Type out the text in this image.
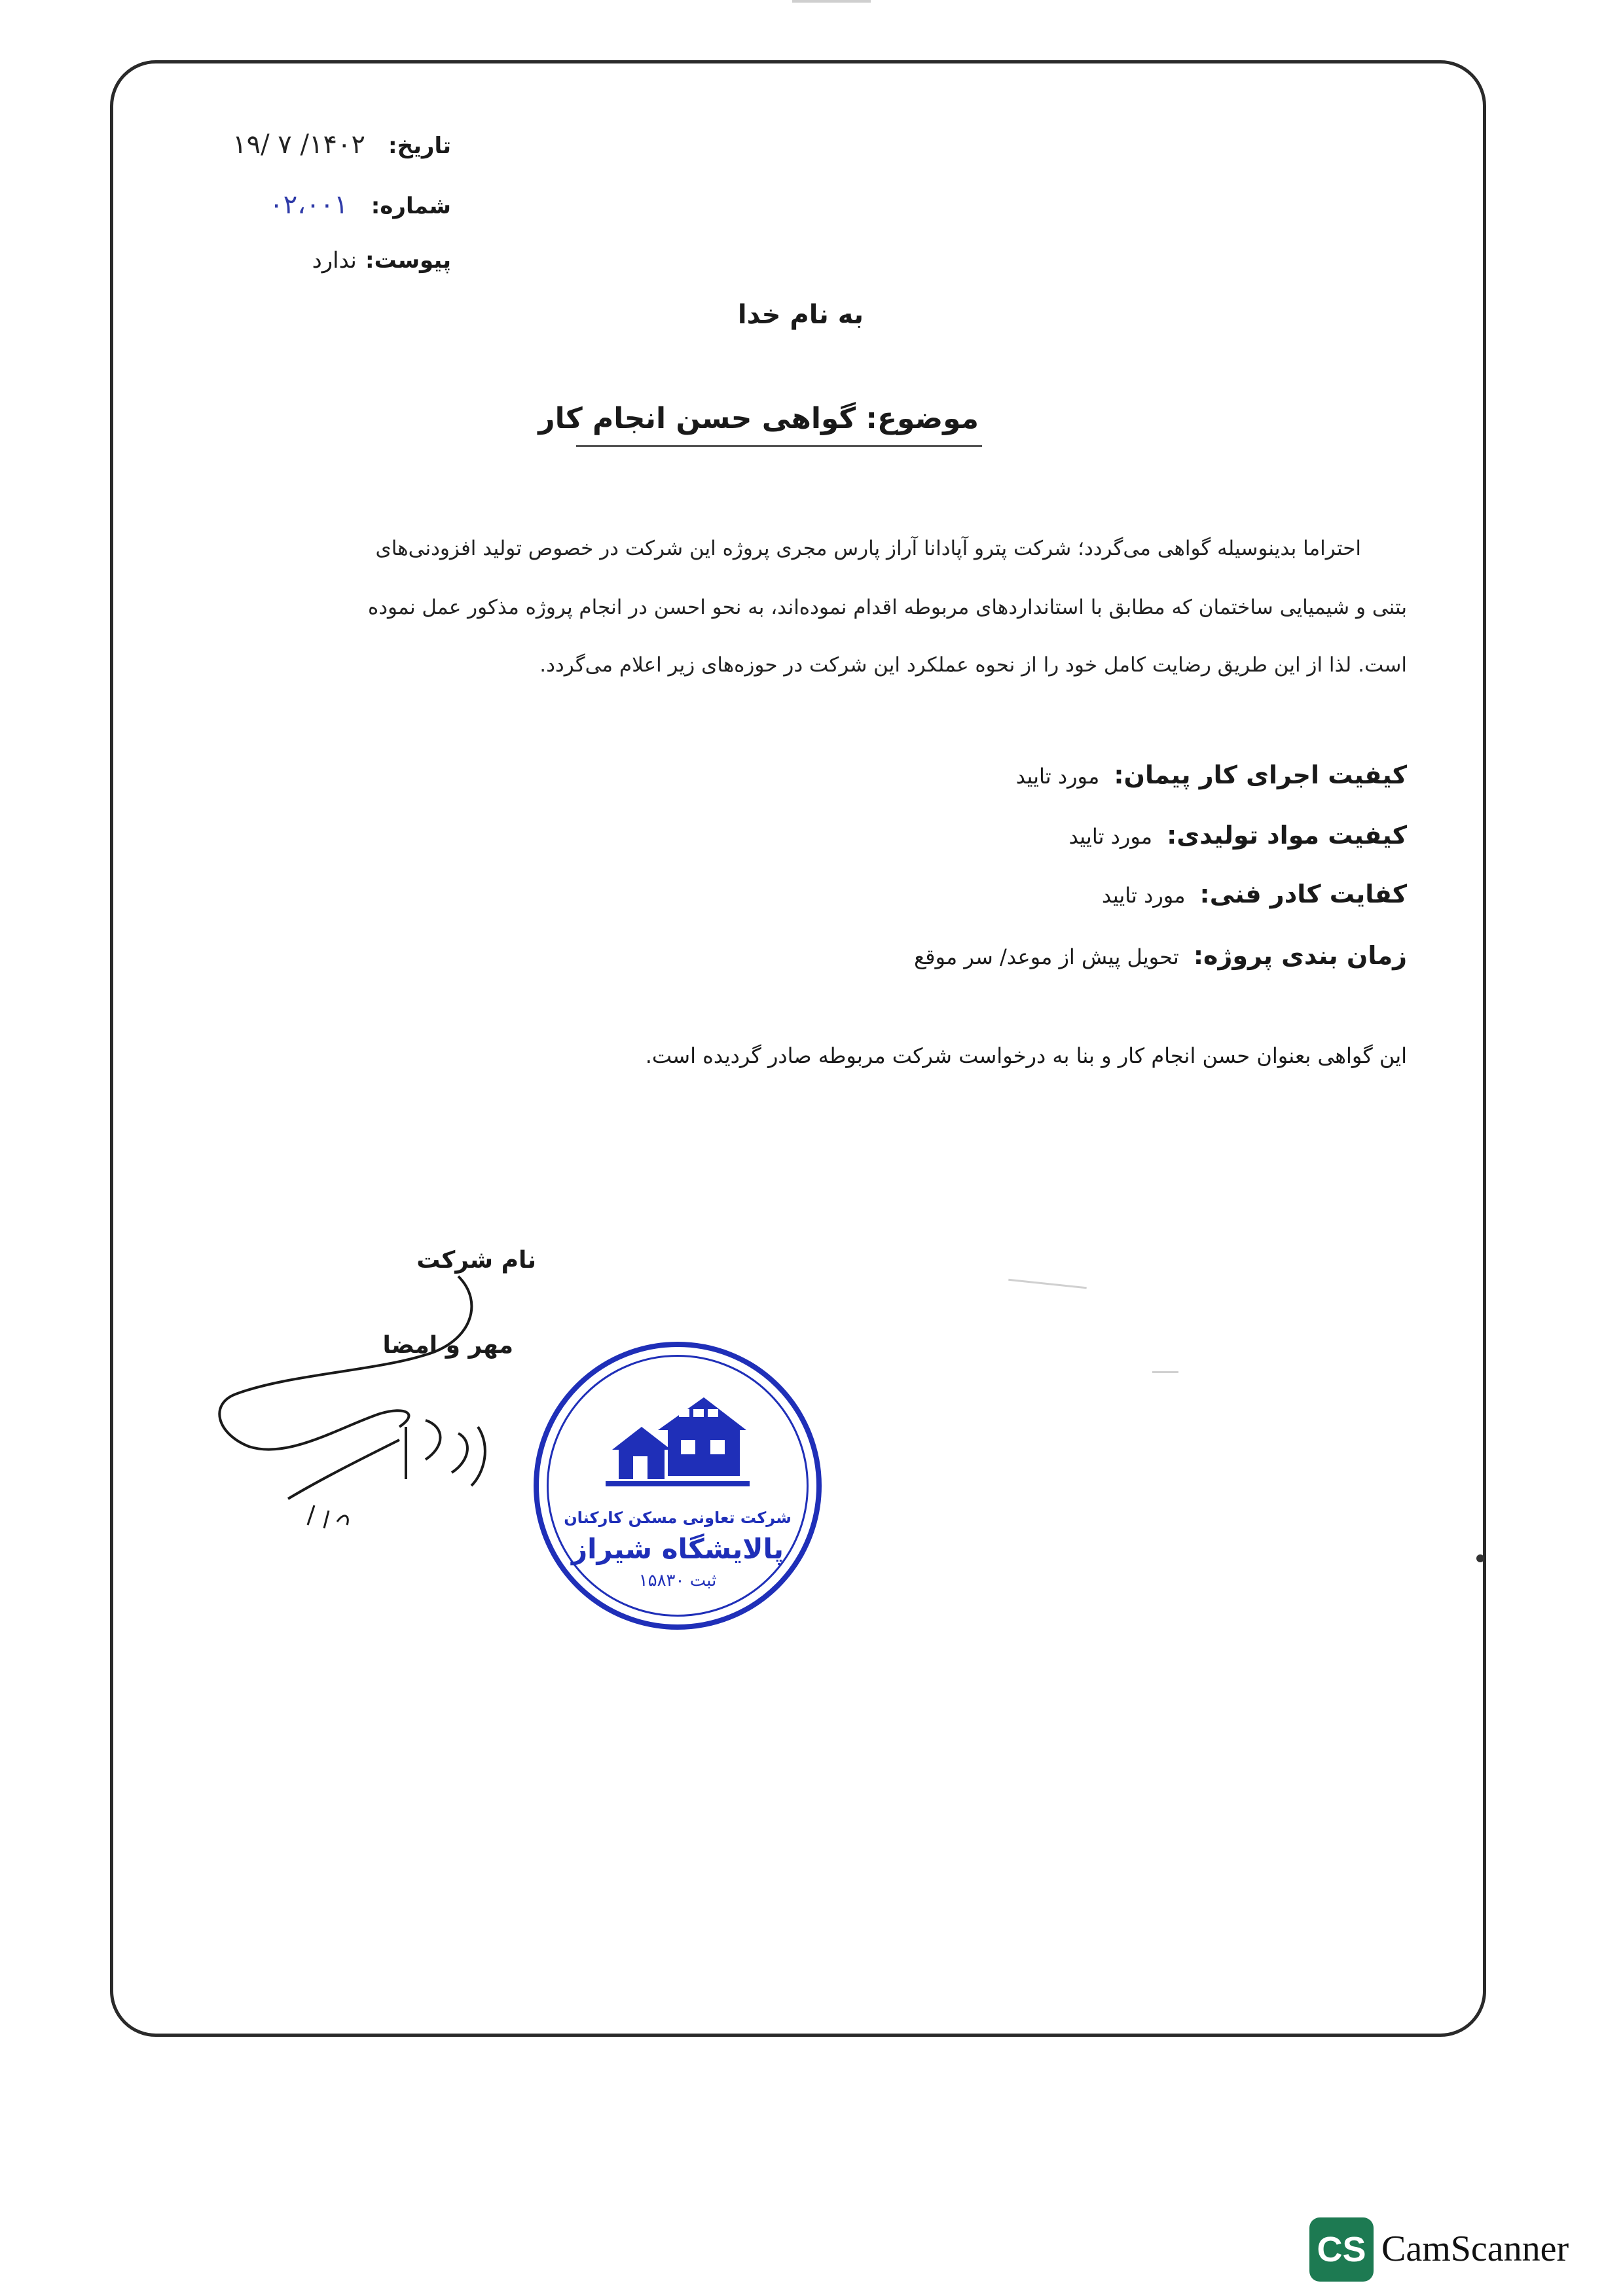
تاریخ: ۱۴۰۲/ ۷ /۱۹
شماره: ۰۲،۰۰۱
پیوست: ندارد
به نام خدا
موضوع: گواهی حسن انجام کار
احتراما بدینوسیله گواهی می‌گردد؛ شرکت پترو آپادانا آراز پارس مجری پروژه این شرکت در خصوص تولید افزودنی‌های
بتنی و شیمیایی ساختمان که مطابق با استانداردهای مربوطه اقدام نموده‌اند، به نحو احسن در انجام پروژه مذکور عمل نموده
است. لذا از این طریق رضایت کامل خود را از نحوه عملکرد این شرکت در حوزه‌های زیر اعلام می‌گردد.
کیفیت اجرای کار پیمان: مورد تایید
کیفیت مواد تولیدی: مورد تایید
کفایت کادر فنی: مورد تایید
زمان بندی پروژه: تحویل پیش از موعد/ سر موقع
این گواهی بعنوان حسن انجام کار و بنا به درخواست شرکت مربوطه صادر گردیده است.
نام شرکت
مهر و امضا
شرکت تعاونی مسکن کارکنان
پالایشگاه شیراز
ثبت ۱۵۸۳۰
CS CamScanner
